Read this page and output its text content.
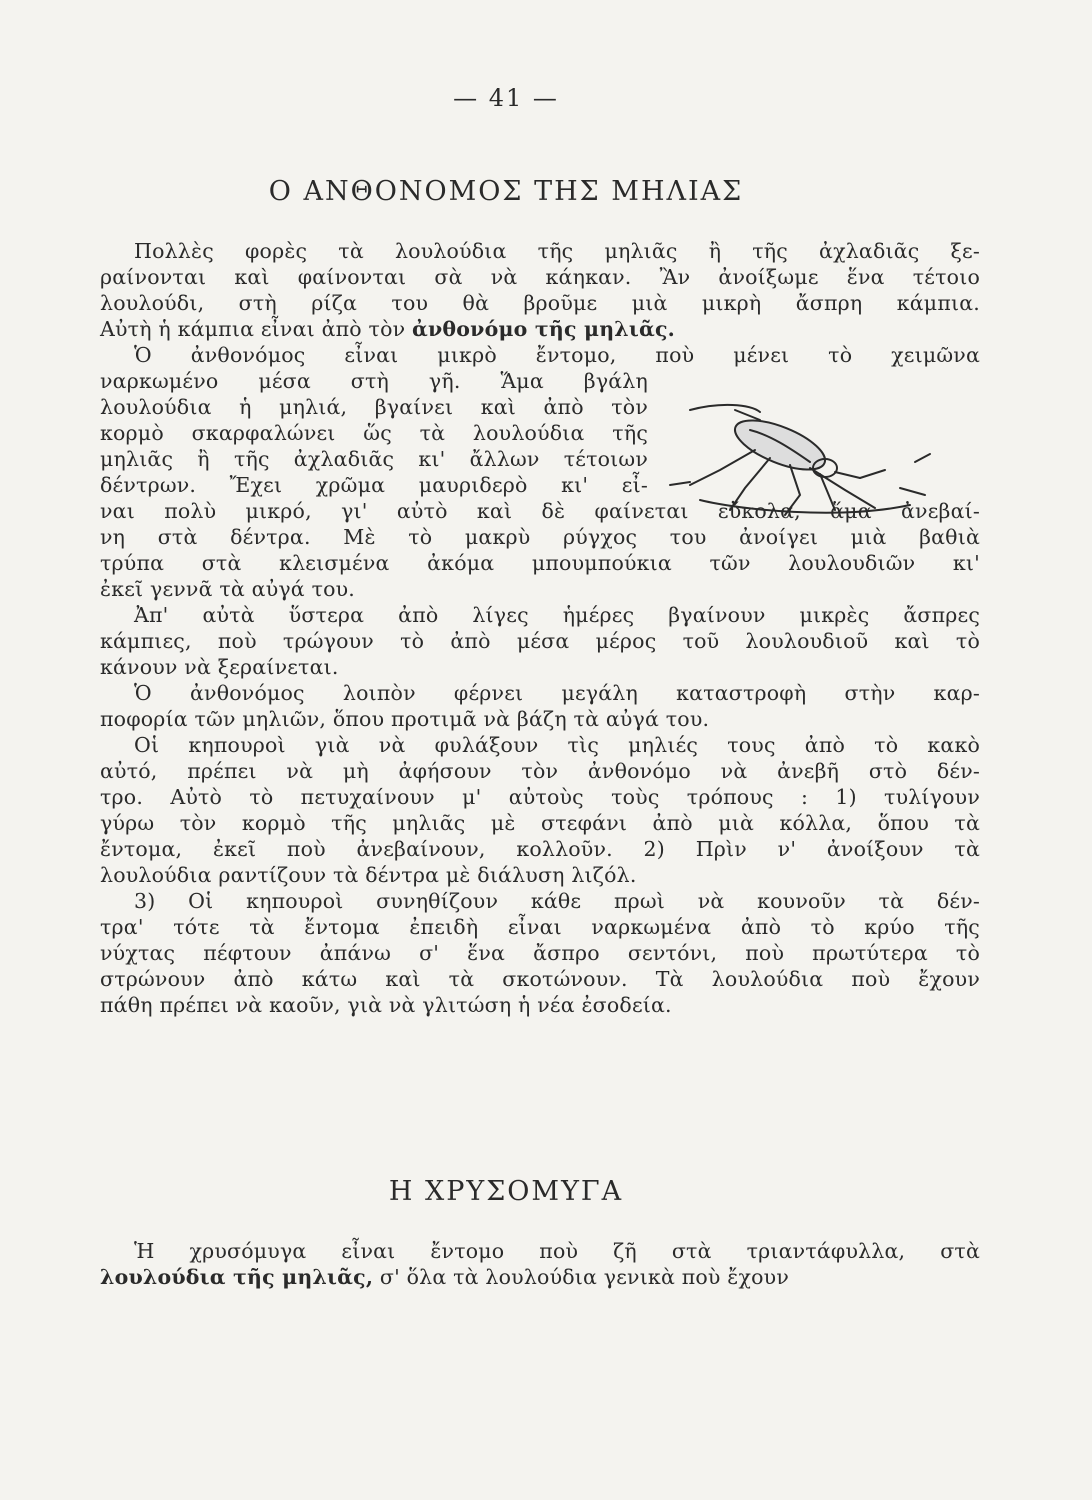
— 41 —
Ο ΑΝΘΟΝΟΜΟΣ ΤΗΣ ΜΗΛΙΑΣ
Πολλὲς φορὲς τὰ λουλούδια τῆς μηλιᾶς ἢ τῆς ἀχλαδιᾶς ξε-
ραίνονται καὶ φαίνονται σὰ νὰ κάηκαν. Ἂν ἀνοίξωμε ἕνα τέτοιο
λουλούδι, στὴ ρίζα του θὰ βροῦμε μιὰ μικρὴ ἄσπρη κάμπια.
Αὐτὴ ἡ κάμπια εἶναι ἀπὸ τὸν ἀνθονόμο τῆς μηλιᾶς.
Ὁ ἀνθονόμος εἶναι μικρὸ ἔντομο, ποὺ μένει τὸ χειμῶνα
ναρκωμένο μέσα στὴ γῆ. Ἅμα βγάλη
λουλούδια ἡ μηλιά, βγαίνει καὶ ἀπὸ τὸν
κορμὸ σκαρφαλώνει ὥς τὰ λουλούδια τῆς
μηλιᾶς ἢ τῆς ἀχλαδιᾶς κι' ἄλλων τέτοιων
δέντρων. Ἔχει χρῶμα μαυριδερὸ κι' εἶ-
ναι πολὺ μικρό, γι' αὐτὸ καὶ δὲ φαίνεται εὔκολα, ἅμα ἀνεβαί-
νη στὰ δέντρα. Μὲ τὸ μακρὺ ρύγχος του ἀνοίγει μιὰ βαθιὰ
τρύπα στὰ κλεισμένα ἀκόμα μπουμπούκια τῶν λουλουδιῶν κι'
ἐκεῖ γεννᾶ τὰ αὐγά του.
Ἀπ' αὐτὰ ὕστερα ἀπὸ λίγες ἡμέρες βγαίνουν μικρὲς ἄσπρες
κάμπιες, ποὺ τρώγουν τὸ ἀπὸ μέσα μέρος τοῦ λουλουδιοῦ καὶ τὸ
κάνουν νὰ ξεραίνεται.
Ὁ ἀνθονόμος λοιπὸν φέρνει μεγάλη καταστροφὴ στὴν καρ-
ποφορία τῶν μηλιῶν, ὅπου προτιμᾶ νὰ βάζη τὰ αὐγά του.
Οἱ κηπουροὶ γιὰ νὰ φυλάξουν τὶς μηλιές τους ἀπὸ τὸ κακὸ
αὐτό, πρέπει νὰ μὴ ἀφήσουν τὸν ἀνθονόμο νὰ ἀνεβῆ στὸ δέν-
τρο. Αὐτὸ τὸ πετυχαίνουν μ' αὐτοὺς τοὺς τρόπους : 1) τυλίγουν
γύρω τὸν κορμὸ τῆς μηλιᾶς μὲ στεφάνι ἀπὸ μιὰ κόλλα, ὅπου τὰ
ἔντομα, ἐκεῖ ποὺ ἀνεβαίνουν, κολλοῦν. 2) Πρὶν ν' ἀνοίξουν τὰ
λουλούδια ραντίζουν τὰ δέντρα μὲ διάλυση λιζόλ.
3) Οἱ κηπουροὶ συνηθίζουν κάθε πρωὶ νὰ κουνοῦν τὰ δέν-
τρα' τότε τὰ ἔντομα ἐπειδὴ εἶναι ναρκωμένα ἀπὸ τὸ κρύο τῆς
νύχτας πέφτουν ἀπάνω σ' ἕνα ἄσπρο σεντόνι, ποὺ πρωτύτερα τὸ
στρώνουν ἀπὸ κάτω καὶ τὰ σκοτώνουν. Τὰ λουλούδια ποὺ ἔχουν
πάθη πρέπει νὰ καοῦν, γιὰ νὰ γλιτώση ἡ νέα ἐσοδεία.
Η ΧΡΥΣΟΜΥΓΑ
Ἡ χρυσόμυγα εἶναι ἔντομο ποὺ ζῆ στὰ τριαντάφυλλα, στὰ
λουλούδια τῆς μηλιᾶς, σ' ὅλα τὰ λουλούδια γενικὰ ποὺ ἔχουν
